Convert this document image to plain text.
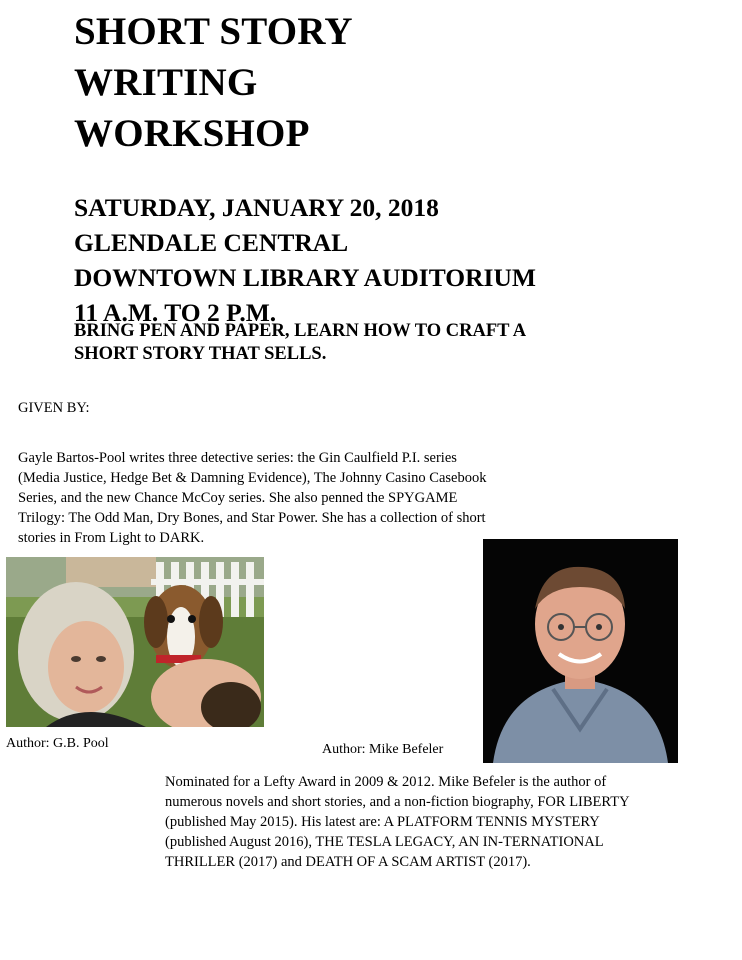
SHORT STORY
WRITING
WORKSHOP
SATURDAY, JANUARY 20, 2018
GLENDALE CENTRAL
DOWNTOWN LIBRARY AUDITORIUM
11 A.M. TO 2 P.M.
BRING PEN AND PAPER, LEARN HOW TO CRAFT A
SHORT STORY THAT SELLS.
GIVEN BY:
Gayle Bartos-Pool writes three detective series: the Gin Caulfield P.I. series
(Media Justice, Hedge Bet & Damning Evidence), The Johnny Casino Casebook
Series, and the new Chance McCoy series. She also penned the SPYGAME
Trilogy: The Odd Man, Dry Bones, and Star Power. She has a collection of short
stories in From Light to DARK.
Author: G.B. Pool	Author: Mike Befeler
Nominated for a Lefty Award in 2009 & 2012. Mike Befeler is the author of
numerous novels and short stories, and a non-fiction biography, FOR LIBERTY
(published May 2015). His latest are: A PLATFORM TENNIS MYSTERY
(published August 2016), THE TESLA LEGACY, AN IN-TERNATIONAL
THRILLER (2017) and DEATH OF A SCAM ARTIST (2017).
